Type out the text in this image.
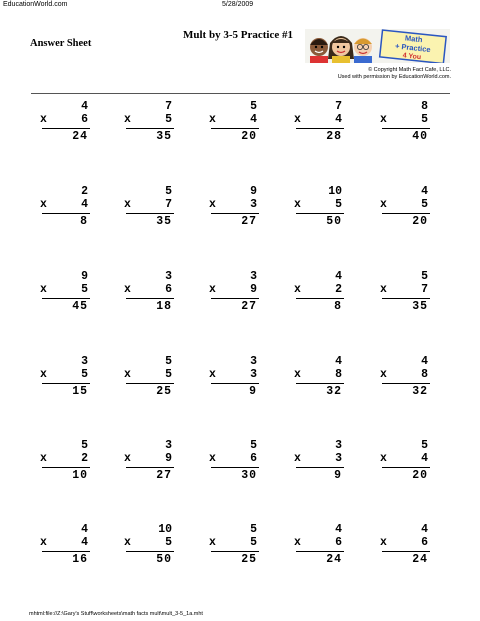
EducationWorld.com	5/28/2009
Answer Sheet
Mult by 3-5 Practice #1	Math
+ Practice
4 You
© Copyright Math Fact Cafe, LLC.
Used with permission by EducationWorld.com.
4
x	6
24
7
x	5
35
5
x	4
20
7
x	4
28
8
x	5
40
2
x	4
8
5
x	7
35
9
x	3
27
10
x	5
50
4
x	5
20
9
x	5
45
3
x	6
18
3
x	9
27
4
x	2
8
5
x	7
35
3
x	5
15
5
x	5
25
3
x	3
9
4
x	8
32
4
x	8
32
5
x	2
10
3
x	9
27
5
x	6
30
3
x	3
9
5
x	4
20
4
x	4
16
10
x	5
50
5
x	5
25
4
x	6
24
4
x	6
24
mhtml:file://Z:\Gary's Stuff\worksheets\math facts mult\mult_3-5_1a.mht
